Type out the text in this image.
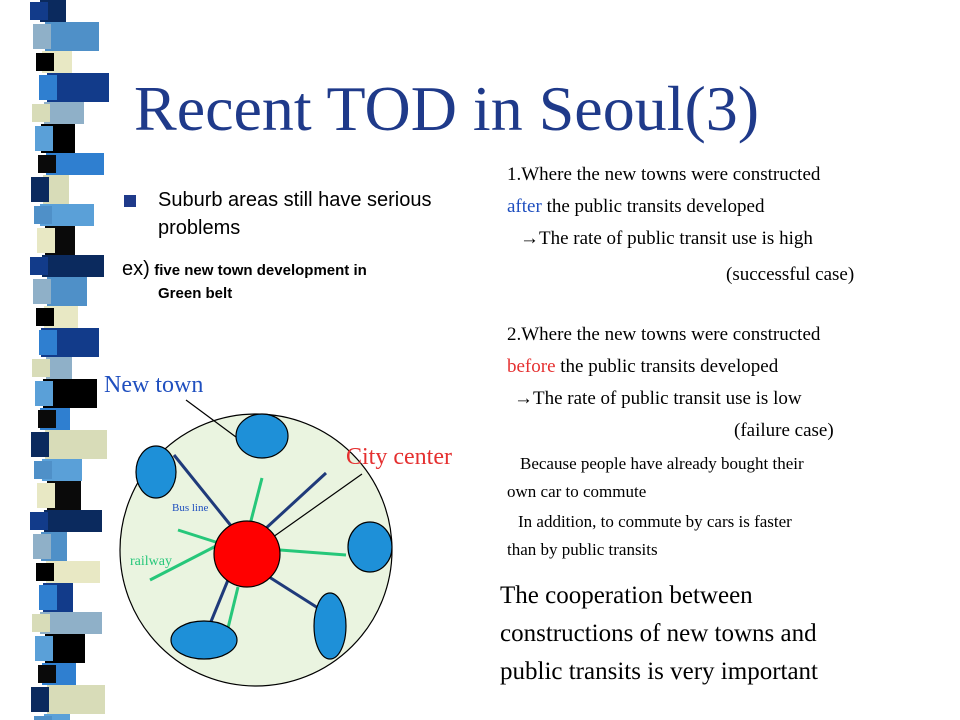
Recent TOD in Seoul(3)
Suburb areas still have serious problems
ex) five new town development in
Green belt
1.Where the new towns were constructed
after the public transits developed
→The rate of public transit use is high
(successful case)
2.Where the new towns were constructed
before the public transits developed
→The rate of public transit use is low
(failure case)
Because people have already bought their
own car to commute
In addition, to commute by cars is faster
than by public transits
The cooperation between
constructions of new towns and
public transits is very important
New town
City center
Bus line
railway
